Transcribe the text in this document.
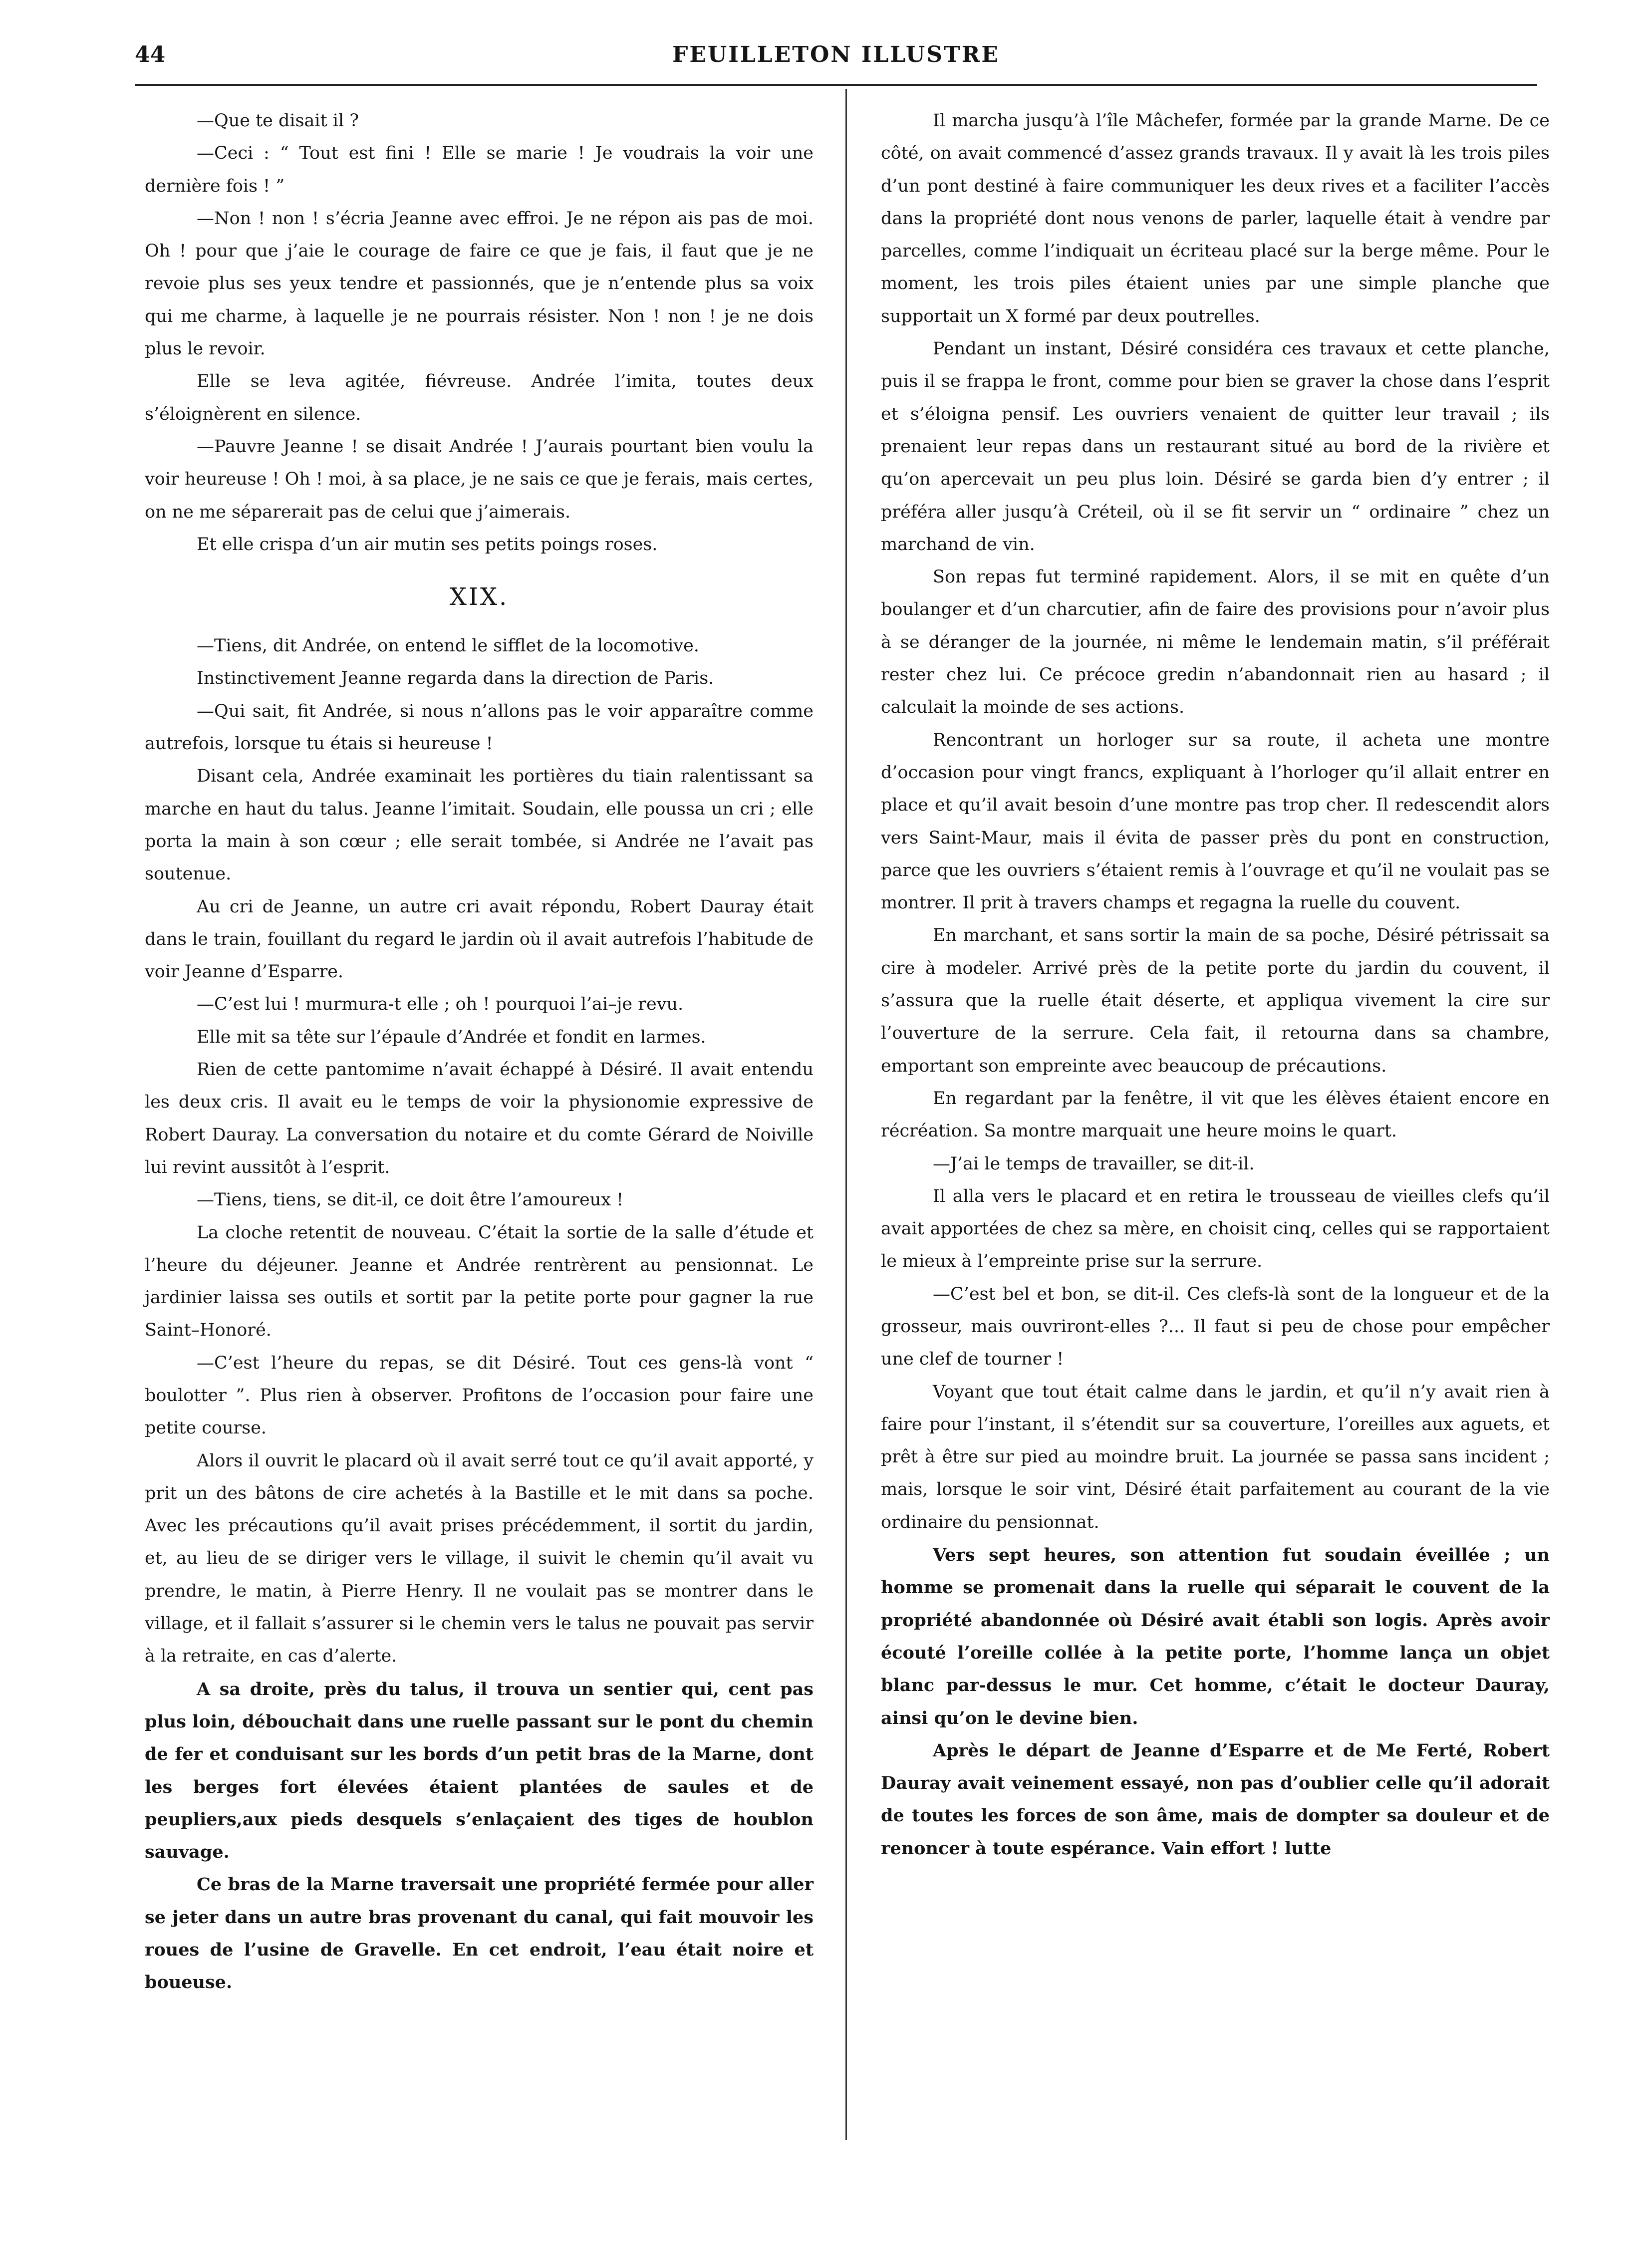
44	FEUILLETON ILLUSTRE

—Que te disait il ?

—Ceci : “ Tout est fini ! Elle se marie ! Je voudrais la voir une dernière fois ! ”

—Non ! non ! s’écria Jeanne avec effroi. Je ne répon ais pas de moi. Oh ! pour que j’aie le courage de faire ce que je fais, il faut que je ne revoie plus ses yeux tendre et passionnés, que je n’entende plus sa voix qui me charme, à laquelle je ne pourrais résister. Non ! non ! je ne dois plus le revoir.

Elle se leva agitée, fiévreuse. Andrée l’imita, toutes deux s’éloignèrent en silence.

—Pauvre Jeanne ! se disait Andrée ! J’aurais pourtant bien voulu la voir heureuse ! Oh ! moi, à sa place, je ne sais ce que je ferais, mais certes, on ne me séparerait pas de celui que j’aimerais.

Et elle crispa d’un air mutin ses petits poings roses.

XIX.

—Tiens, dit Andrée, on entend le sifflet de la locomotive.

Instinctivement Jeanne regarda dans la direction de Paris.

—Qui sait, fit Andrée, si nous n’allons pas le voir apparaître comme autrefois, lorsque tu étais si heureuse !

Disant cela, Andrée examinait les portières du tiain ralentissant sa marche en haut du talus. Jeanne l’imitait. Soudain, elle poussa un cri ; elle porta la main à son cœur ; elle serait tombée, si Andrée ne l’avait pas soutenue.

Au cri de Jeanne, un autre cri avait répondu, Robert Dauray était dans le train, fouillant du regard le jardin où il avait autrefois l’habitude de voir Jeanne d’Esparre.

—C’est lui ! murmura-t elle ; oh ! pourquoi l’ai–je revu.

Elle mit sa tête sur l’épaule d’Andrée et fondit en larmes.

Rien de cette pantomime n’avait échappé à Désiré. Il avait entendu les deux cris. Il avait eu le temps de voir la physionomie expressive de Robert Dauray. La conversation du notaire et du comte Gérard de Noiville lui revint aussitôt à l’esprit.

—Tiens, tiens, se dit-il, ce doit être l’amoureux !

La cloche retentit de nouveau. C’était la sortie de la salle d’étude et l’heure du déjeuner. Jeanne et Andrée rentrèrent au pensionnat. Le jardinier laissa ses outils et sortit par la petite porte pour gagner la rue Saint–Honoré.

—C’est l’heure du repas, se dit Désiré. Tout ces gens-là vont “ boulotter ”. Plus rien à observer. Profitons de l’occasion pour faire une petite course.

Alors il ouvrit le placard où il avait serré tout ce qu’il avait apporté, y prit un des bâtons de cire achetés à la Bastille et le mit dans sa poche. Avec les précautions qu’il avait prises précédemment, il sortit du jardin, et, au lieu de se diriger vers le village, il suivit le chemin qu’il avait vu prendre, le matin, à Pierre Henry. Il ne voulait pas se montrer dans le village, et il fallait s’assurer si le chemin vers le talus ne pouvait pas servir à la retraite, en cas d’alerte.

A sa droite, près du talus, il trouva un sentier qui, cent pas plus loin, débouchait dans une ruelle passant sur le pont du chemin de fer et conduisant sur les bords d’un petit bras de la Marne, dont les berges fort élevées étaient plantées de saules et de peupliers,aux pieds desquels s’enlaçaient des tiges de houblon sauvage.

Ce bras de la Marne traversait une propriété fermée pour aller se jeter dans un autre bras provenant du canal, qui fait mouvoir les roues de l’usine de Gravelle. En cet endroit, l’eau était noire et boueuse.

Il marcha jusqu’à l’île Mâchefer, formée par la grande Marne. De ce côté, on avait commencé d’assez grands travaux. Il y avait là les trois piles d’un pont destiné à faire communiquer les deux rives et a faciliter l’accès dans la propriété dont nous venons de parler, laquelle était à vendre par parcelles, comme l’indiquait un écriteau placé sur la berge même. Pour le moment, les trois piles étaient unies par une simple planche que supportait un X formé par deux poutrelles.

Pendant un instant, Désiré considéra ces travaux et cette planche, puis il se frappa le front, comme pour bien se graver la chose dans l’esprit et s’éloigna pensif. Les ouvriers venaient de quitter leur travail ; ils prenaient leur repas dans un restaurant situé au bord de la rivière et qu’on apercevait un peu plus loin. Désiré se garda bien d’y entrer ; il préféra aller jusqu’à Créteil, où il se fit servir un “ ordinaire ” chez un marchand de vin.

Son repas fut terminé rapidement. Alors, il se mit en quête d’un boulanger et d’un charcutier, afin de faire des provisions pour n’avoir plus à se déranger de la journée, ni même le lendemain matin, s’il préférait rester chez lui. Ce précoce gredin n’abandonnait rien au hasard ; il calculait la moinde de ses actions.

Rencontrant un horloger sur sa route, il acheta une montre d’occasion pour vingt francs, expliquant à l’horloger qu’il allait entrer en place et qu’il avait besoin d’une montre pas trop cher. Il redescendit alors vers Saint-Maur, mais il évita de passer près du pont en construction, parce que les ouvriers s’étaient remis à l’ouvrage et qu’il ne voulait pas se montrer. Il prit à travers champs et regagna la ruelle du couvent.

En marchant, et sans sortir la main de sa poche, Désiré pétrissait sa cire à modeler. Arrivé près de la petite porte du jardin du couvent, il s’assura que la ruelle était déserte, et appliqua vivement la cire sur l’ouverture de la serrure. Cela fait, il retourna dans sa chambre, emportant son empreinte avec beaucoup de précautions.

En regardant par la fenêtre, il vit que les élèves étaient encore en récréation. Sa montre marquait une heure moins le quart.

—J’ai le temps de travailler, se dit-il.

Il alla vers le placard et en retira le trousseau de vieilles clefs qu’il avait apportées de chez sa mère, en choisit cinq, celles qui se rapportaient le mieux à l’empreinte prise sur la serrure.

—C’est bel et bon, se dit-il. Ces clefs-là sont de la longueur et de la grosseur, mais ouvriront-elles ?... Il faut si peu de chose pour empêcher une clef de tourner !

Voyant que tout était calme dans le jardin, et qu’il n’y avait rien à faire pour l’instant, il s’étendit sur sa couverture, l’oreilles aux aguets, et prêt à être sur pied au moindre bruit. La journée se passa sans incident ; mais, lorsque le soir vint, Désiré était parfaitement au courant de la vie ordinaire du pensionnat.

Vers sept heures, son attention fut soudain éveillée ; un homme se promenait dans la ruelle qui séparait le couvent de la propriété abandonnée où Désiré avait établi son logis. Après avoir écouté l’oreille collée à la petite porte, l’homme lança un objet blanc par-dessus le mur. Cet homme, c’était le docteur Dauray, ainsi qu’on le devine bien.

Après le départ de Jeanne d’Esparre et de Me Ferté, Robert Dauray avait veinement essayé, non pas d’oublier celle qu’il adorait de toutes les forces de son âme, mais de dompter sa douleur et de renoncer à toute espérance. Vain effort ! lutte
